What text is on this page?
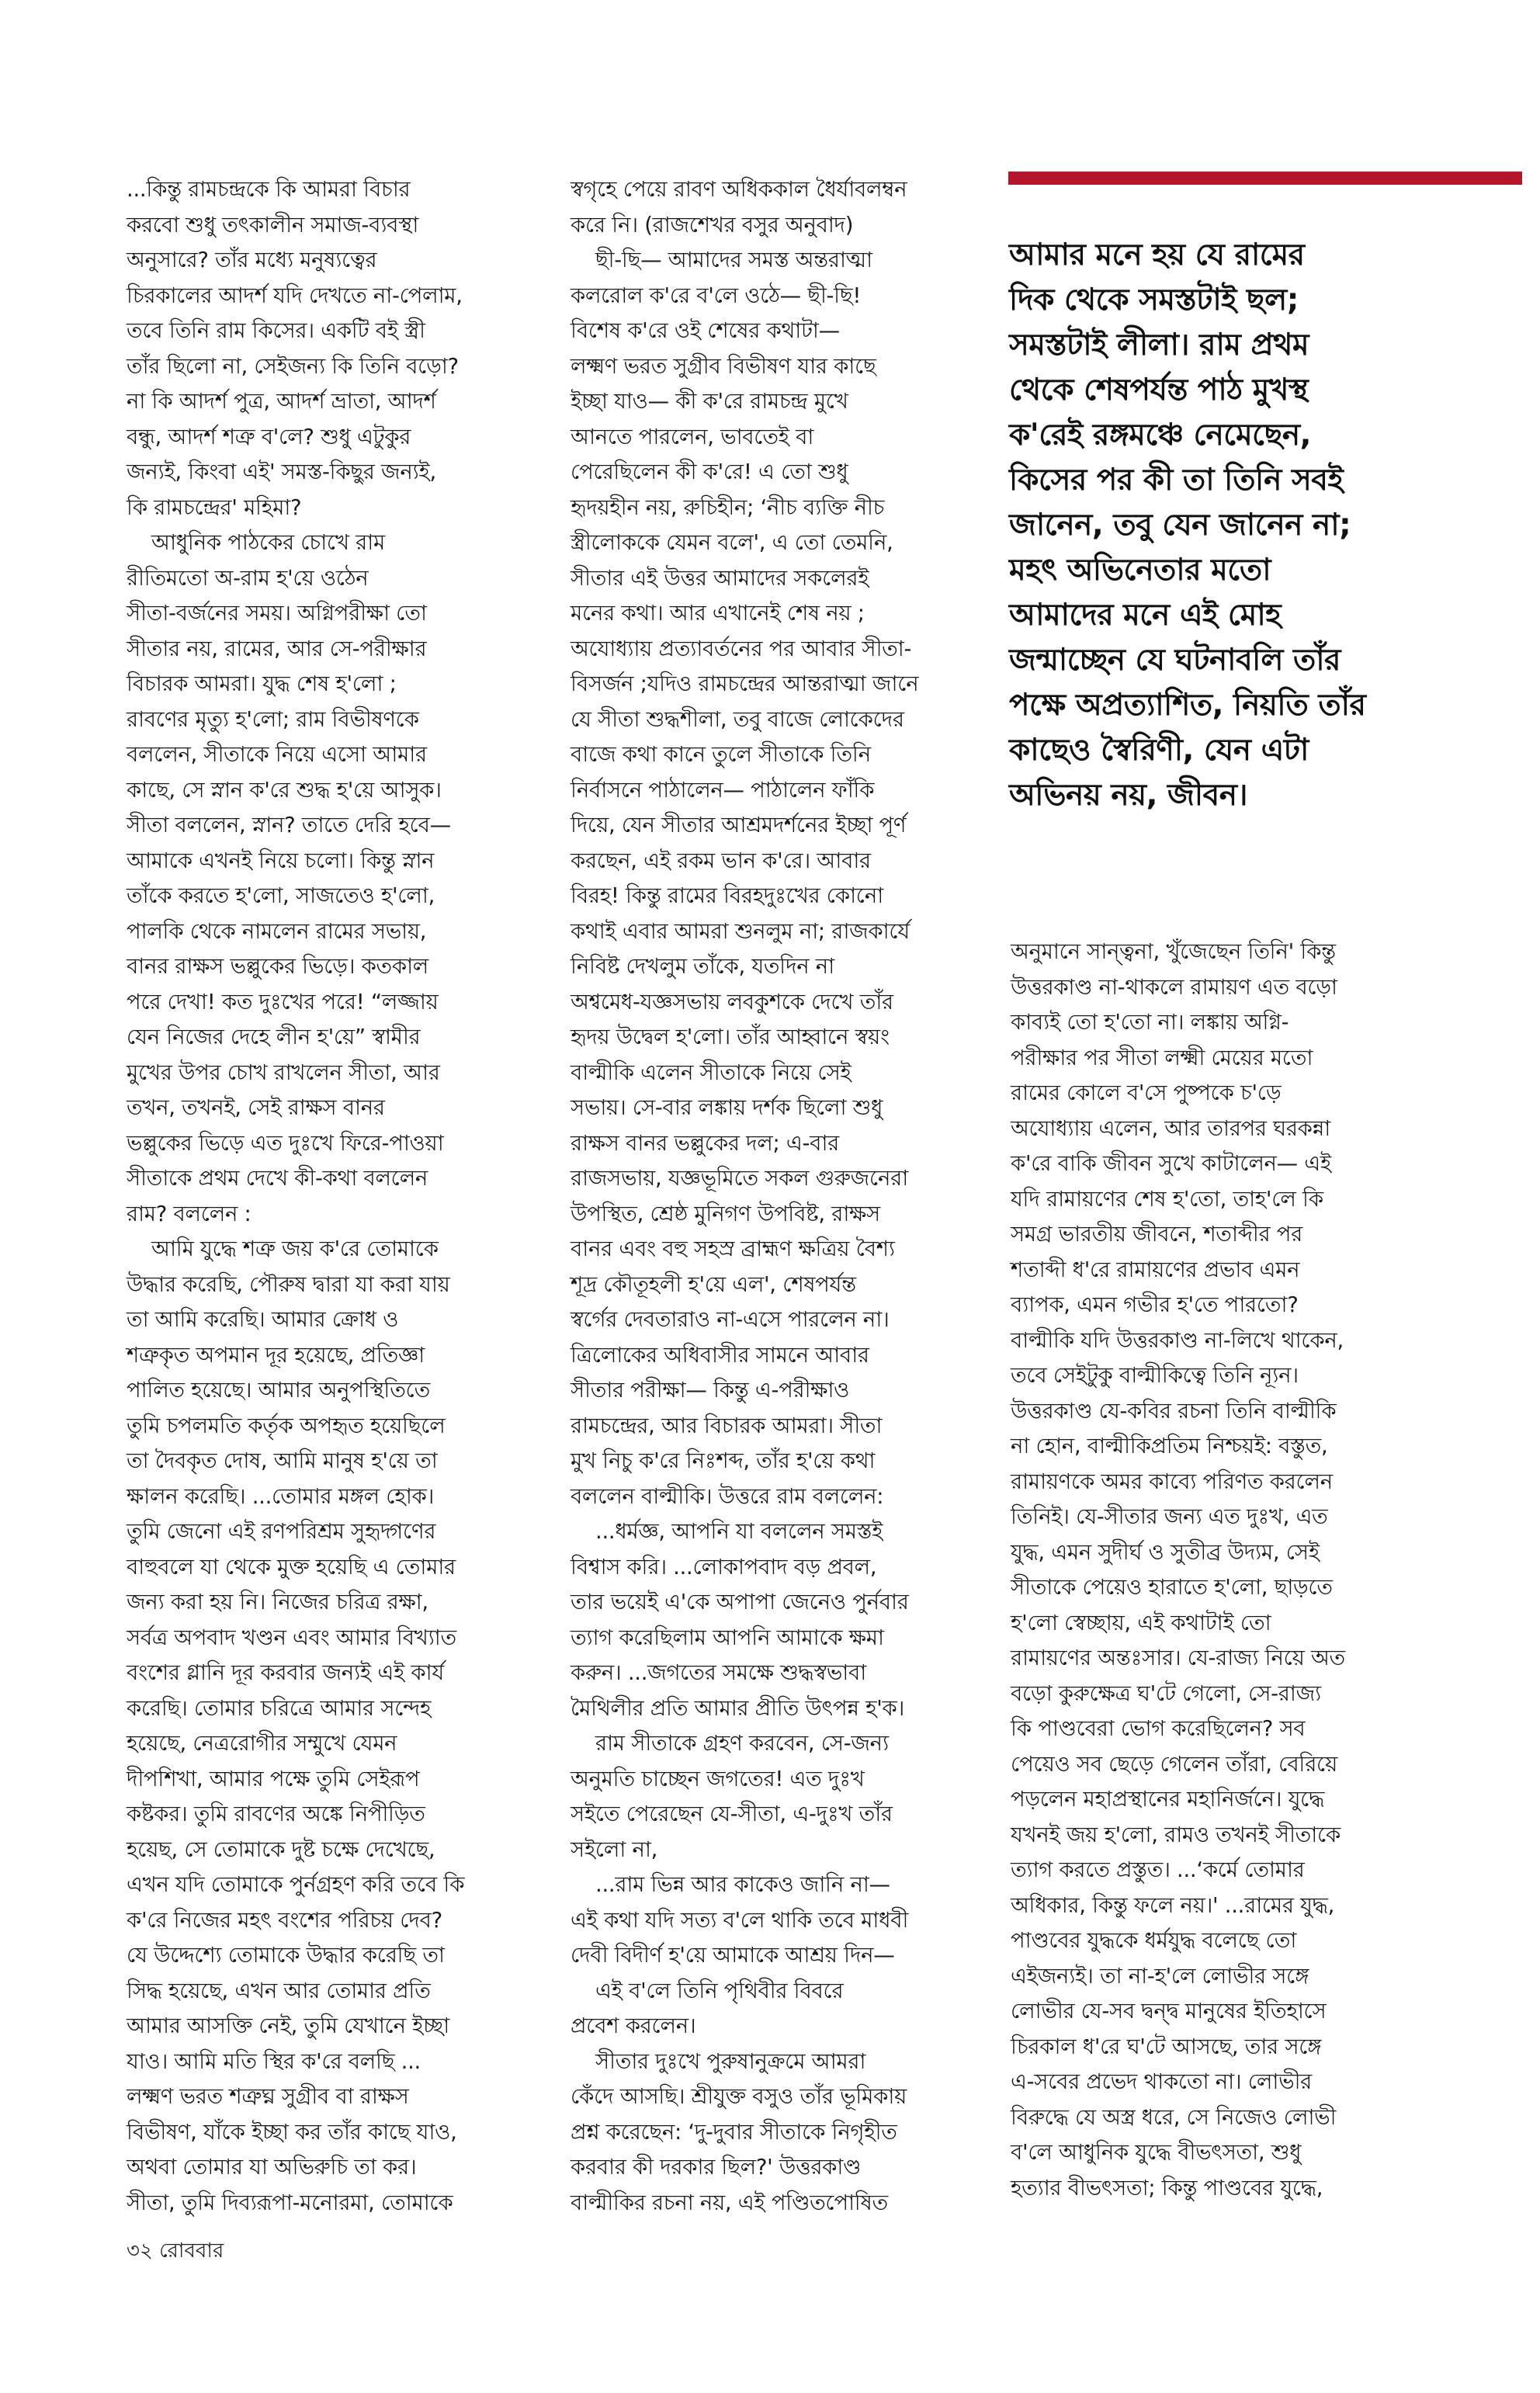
...কিন্তু রামচন্দ্রকে কি আমরা বিচার
করবো শুধু তৎকালীন সমাজ-ব্যবস্থা
অনুসারে? তাঁর মধ্যে মনুষ্যত্বের
চিরকালের আদর্শ যদি দেখতে না-পেলাম,
তবে তিনি রাম কিসের। একটি বই স্ত্রী
তাঁর ছিলো না, সেইজন্য কি তিনি বড়ো?
না কি আদর্শ পুত্র, আদর্শ ভ্রাতা, আদর্শ
বন্ধু, আদর্শ শত্রু ব'লে? শুধু এটুকুর
জন্যই, কিংবা এই' সমস্ত-কিছুর জন্যই,
কি রামচন্দ্রের' মহিমা?
আধুনিক পাঠকের চোখে রাম
রীতিমতো অ-রাম হ'য়ে ওঠেন
সীতা-বর্জনের সময়। অগ্নিপরীক্ষা তো
সীতার নয়, রামের, আর সে-পরীক্ষার
বিচারক আমরা। যুদ্ধ শেষ হ'লো ;
রাবণের মৃত্যু হ'লো; রাম বিভীষণকে
বললেন, সীতাকে নিয়ে এসো আমার
কাছে, সে স্নান ক'রে শুদ্ধ হ'য়ে আসুক।
সীতা বললেন, স্নান? তাতে দেরি হবে—
আমাকে এখনই নিয়ে চলো। কিন্তু স্নান
তাঁকে করতে হ'লো, সাজতেও হ'লো,
পালকি থেকে নামলেন রামের সভায়,
বানর রাক্ষস ভল্লুকের ভিড়ে। কতকাল
পরে দেখা! কত দুঃখের পরে! “লজ্জায়
যেন নিজের দেহে লীন হ'য়ে” স্বামীর
মুখের উপর চোখ রাখলেন সীতা, আর
তখন, তখনই, সেই রাক্ষস বানর
ভল্লুকের ভিড়ে এত দুঃখে ফিরে-পাওয়া
সীতাকে প্রথম দেখে কী-কথা বললেন
রাম? বললেন :
আমি যুদ্ধে শত্রু জয় ক'রে তোমাকে
উদ্ধার করেছি, পৌরুষ দ্বারা যা করা যায়
তা আমি করেছি। আমার ক্রোধ ও
শত্রুকৃত অপমান দূর হয়েছে, প্রতিজ্ঞা
পালিত হয়েছে। আমার অনুপস্থিতিতে
তুমি চপলমতি কর্তৃক অপহৃত হয়েছিলে
তা দৈবকৃত দোষ, আমি মানুষ হ'য়ে তা
ক্ষালন করেছি। ...তোমার মঙ্গল হোক।
তুমি জেনো এই রণপরিশ্রম সুহৃদ্গণের
বাহুবলে যা থেকে মুক্ত হয়েছি এ তোমার
জন্য করা হয় নি। নিজের চরিত্র রক্ষা,
সর্বত্র অপবাদ খণ্ডন এবং আমার বিখ্যাত
বংশের গ্লানি দূর করবার জন্যই এই কার্য
করেছি। তোমার চরিত্রে আমার সন্দেহ
হয়েছে, নেত্ররোগীর সম্মুখে যেমন
দীপশিখা, আমার পক্ষে তুমি সেইরূপ
কষ্টকর। তুমি রাবণের অঙ্কে নিপীড়িত
হয়েছ, সে তোমাকে দুষ্ট চক্ষে দেখেছে,
এখন যদি তোমাকে পুর্নগ্রহণ করি তবে কি
ক'রে নিজের মহৎ বংশের পরিচয় দেব?
যে উদ্দেশ্যে তোমাকে উদ্ধার করেছি তা
সিদ্ধ হয়েছে, এখন আর তোমার প্রতি
আমার আসক্তি নেই, তুমি যেখানে ইচ্ছা
যাও। আমি মতি স্থির ক'রে বলছি ...
লক্ষ্মণ ভরত শত্রুঘ্ন সুগ্রীব বা রাক্ষস
বিভীষণ, যাঁকে ইচ্ছা কর তাঁর কাছে যাও,
অথবা তোমার যা অভিরুচি তা কর।
সীতা, তুমি দিব্যরূপা-মনোরমা, তোমাকে
স্বগৃহে পেয়ে রাবণ অধিককাল ধৈর্যাবলম্বন
করে নি। (রাজশেখর বসুর অনুবাদ)
ছী-ছি— আমাদের সমস্ত অন্তরাত্মা
কলরোল ক'রে ব'লে ওঠে— ছী-ছি!
বিশেষ ক'রে ওই শেষের কথাটা—
লক্ষ্মণ ভরত সুগ্রীব বিভীষণ যার কাছে
ইচ্ছা যাও— কী ক'রে রামচন্দ্র মুখে
আনতে পারলেন, ভাবতেই বা
পেরেছিলেন কী ক'রে! এ তো শুধু
হৃদয়হীন নয়, রুচিহীন; ‘নীচ ব্যক্তি নীচ
স্ত্রীলোককে যেমন বলে', এ তো তেমনি,
সীতার এই উত্তর আমাদের সকলেরই
মনের কথা। আর এখানেই শেষ নয় ;
অযোধ্যায় প্রত্যাবর্তনের পর আবার সীতা-
বিসর্জন ;যদিও রামচন্দ্রের আন্তরাত্মা জানে
যে সীতা শুদ্ধশীলা, তবু বাজে লোকেদের
বাজে কথা কানে তুলে সীতাকে তিনি
নির্বাসনে পাঠালেন— পাঠালেন ফাঁকি
দিয়ে, যেন সীতার আশ্রমদর্শনের ইচ্ছা পূর্ণ
করছেন, এই রকম ভান ক'রে। আবার
বিরহ! কিন্তু রামের বিরহদুঃখের কোনো
কথাই এবার আমরা শুনলুম না; রাজকার্যে
নিবিষ্ট দেখলুম তাঁকে, যতদিন না
অশ্বমেধ-যজ্ঞসভায় লবকুশকে দেখে তাঁর
হৃদয় উদ্বেল হ'লো। তাঁর আহ্বানে স্বয়ং
বাল্মীকি এলেন সীতাকে নিয়ে সেই
সভায়। সে-বার লঙ্কায় দর্শক ছিলো শুধু
রাক্ষস বানর ভল্লুকের দল; এ-বার
রাজসভায়, যজ্ঞভূমিতে সকল গুরুজনেরা
উপস্থিত, শ্রেষ্ঠ মুনিগণ উপবিষ্ট, রাক্ষস
বানর এবং বহু সহস্র ব্রাহ্মণ ক্ষত্রিয় বৈশ্য
শূদ্র কৌতূহলী হ'য়ে এল', শেষপর্যন্ত
স্বর্গের দেবতারাও না-এসে পারলেন না।
ত্রিলোকের অধিবাসীর সামনে আবার
সীতার পরীক্ষা— কিন্তু এ-পরীক্ষাও
রামচন্দ্রের, আর বিচারক আমরা। সীতা
মুখ নিচু ক'রে নিঃশব্দ, তাঁর হ'য়ে কথা
বললেন বাল্মীকি। উত্তরে রাম বললেন:
...ধর্মজ্ঞ, আপনি যা বললেন সমস্তই
বিশ্বাস করি। ...লোকাপবাদ বড় প্রবল,
তার ভয়েই এ'কে অপাপা জেনেও পুর্নবার
ত্যাগ করেছিলাম আপনি আমাকে ক্ষমা
করুন। ...জগতের সমক্ষে শুদ্ধস্বভাবা
মৈথিলীর প্রতি আমার প্রীতি উৎপন্ন হ'ক।
রাম সীতাকে গ্রহণ করবেন, সে-জন্য
অনুমতি চাচ্ছেন জগতের! এত দুঃখ
সইতে পেরেছেন যে-সীতা, এ-দুঃখ তাঁর
সইলো না,
...রাম ভিন্ন আর কাকেও জানি না—
এই কথা যদি সত্য ব'লে থাকি তবে মাধবী
দেবী বিদীর্ণ হ'য়ে আমাকে আশ্রয় দিন—
এই ব'লে তিনি পৃথিবীর বিবরে
প্রবেশ করলেন।
সীতার দুঃখে পুরুষানুক্রমে আমরা
কেঁদে আসছি। শ্রীযুক্ত বসুও তাঁর ভূমিকায়
প্রশ্ন করেছেন: ‘দু-দুবার সীতাকে নিগৃহীত
করবার কী দরকার ছিল?' উত্তরকাণ্ড
বাল্মীকির রচনা নয়, এই পণ্ডিতপোষিত
আমার মনে হয় যে রামের
দিক থেকে সমস্তটাই ছল;
সমস্তটাই লীলা। রাম প্রথম
থেকে শেষপর্যন্ত পাঠ মুখস্থ
ক'রেই রঙ্গমঞ্চে নেমেছেন,
কিসের পর কী তা তিনি সবই
জানেন, তবু যেন জানেন না;
মহৎ অভিনেতার মতো
আমাদের মনে এই মোহ
জন্মাচ্ছেন যে ঘটনাবলি তাঁর
পক্ষে অপ্রত্যাশিত, নিয়তি তাঁর
কাছেও স্বৈরিণী, যেন এটা
অভিনয় নয়, জীবন।
অনুমানে সান্ত্বনা, খুঁজেছেন তিনি' কিন্তু
উত্তরকাণ্ড না-থাকলে রামায়ণ এত বড়ো
কাব্যই তো হ'তো না। লঙ্কায় অগ্নি-
পরীক্ষার পর সীতা লক্ষ্মী মেয়ের মতো
রামের কোলে ব'সে পুষ্পকে চ'ড়ে
অযোধ্যায় এলেন, আর তারপর ঘরকন্না
ক'রে বাকি জীবন সুখে কাটালেন— এই
যদি রামায়ণের শেষ হ'তো, তাহ'লে কি
সমগ্র ভারতীয় জীবনে, শতাব্দীর পর
শতাব্দী ধ'রে রামায়ণের প্রভাব এমন
ব্যাপক, এমন গভীর হ'তে পারতো?
বাল্মীকি যদি উত্তরকাণ্ড না-লিখে থাকেন,
তবে সেইটুকু বাল্মীকিত্বে তিনি ন্যূন।
উত্তরকাণ্ড যে-কবির রচনা তিনি বাল্মীকি
না হোন, বাল্মীকিপ্রতিম নিশ্চয়ই: বস্তুত,
রামায়ণকে অমর কাব্যে পরিণত করলেন
তিনিই। যে-সীতার জন্য এত দুঃখ, এত
যুদ্ধ, এমন সুদীর্ঘ ও সুতীব্র উদ্যম, সেই
সীতাকে পেয়েও হারাতে হ'লো, ছাড়তে
হ'লো স্বেচ্ছায়, এই কথাটাই তো
রামায়ণের অন্তঃসার। যে-রাজ্য নিয়ে অত
বড়ো কুরুক্ষেত্র ঘ'টে গেলো, সে-রাজ্য
কি পাণ্ডবেরা ভোগ করেছিলেন? সব
পেয়েও সব ছেড়ে গেলেন তাঁরা, বেরিয়ে
পড়লেন মহাপ্রস্থানের মহানির্জনে। যুদ্ধে
যখনই জয় হ'লো, রামও তখনই সীতাকে
ত্যাগ করতে প্রস্তুত। ...‘কর্মে তোমার
অধিকার, কিন্তু ফলে নয়।' ...রামের যুদ্ধ,
পাণ্ডবের যুদ্ধকে ধর্মযুদ্ধ বলেছে তো
এইজন্যই। তা না-হ'লে লোভীর সঙ্গে
লোভীর যে-সব দ্বন্দ্ব মানুষের ইতিহাসে
চিরকাল ধ'রে ঘ'টে আসছে, তার সঙ্গে
এ-সবের প্রভেদ থাকতো না। লোভীর
বিরুদ্ধে যে অস্ত্র ধরে, সে নিজেও লোভী
ব'লে আধুনিক যুদ্ধে বীভৎসতা, শুধু
হত্যার বীভৎসতা; কিন্তু পাণ্ডবের যুদ্ধে,
৩২ রোববার
